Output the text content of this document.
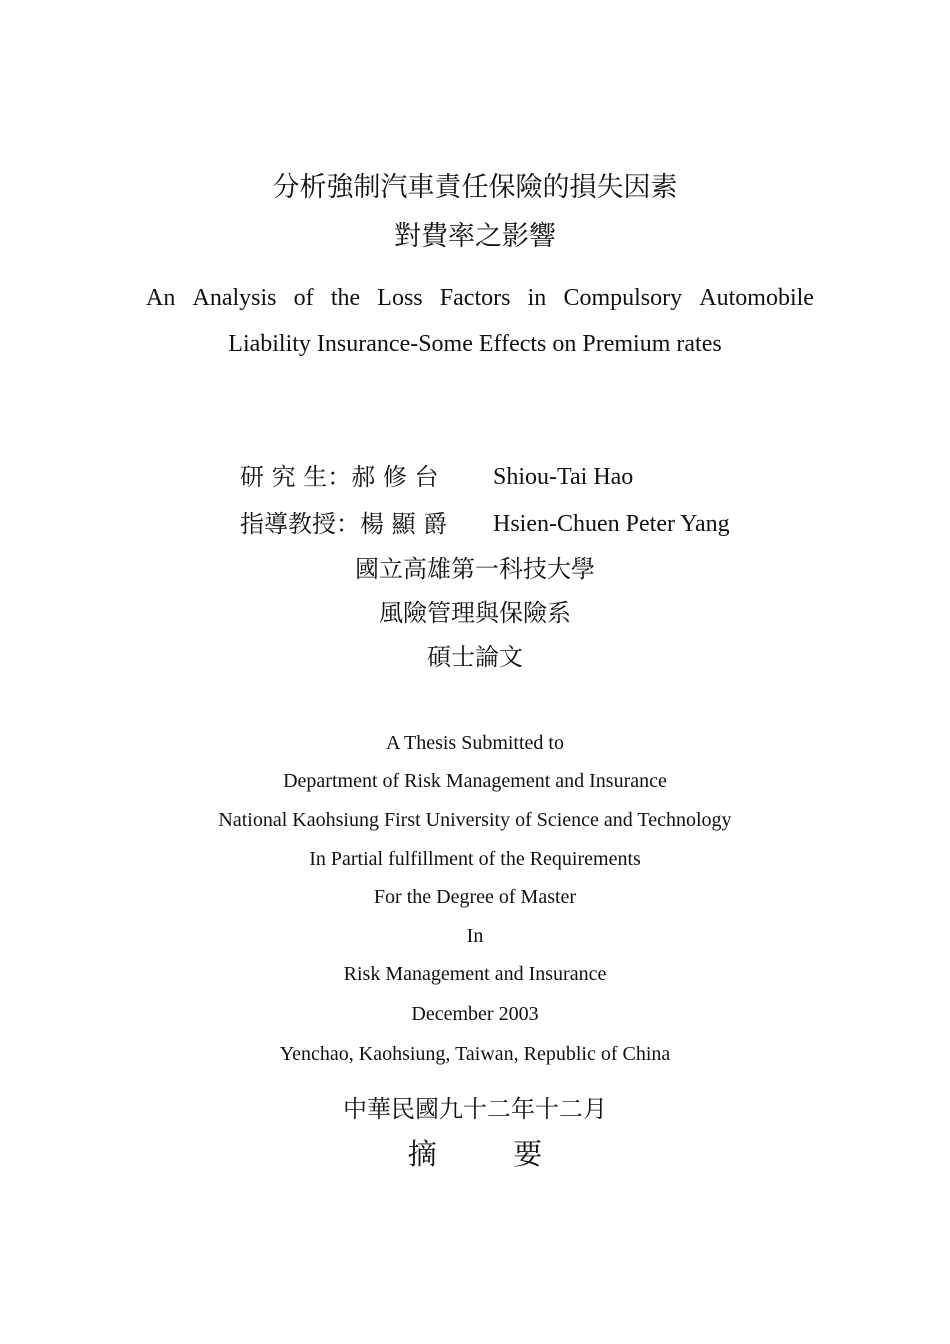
分析強制汽車責任保險的損失因素
對費率之影響
An Analysis of the Loss Factors in Compulsory Automobile
Liability Insurance-Some Effects on Premium rates
研 究 生：郝 修 台 Shiou-Tai Hao
指導教授：楊 顯 爵 Hsien-Chuen Peter Yang
國立高雄第一科技大學
風險管理與保險系
碩士論文
A Thesis Submitted to
Department of Risk Management and Insurance
National Kaohsiung First University of Science and Technology
In Partial fulfillment of the Requirements
For the Degree of Master
In
Risk Management and Insurance
December 2003
Yenchao, Kaohsiung, Taiwan, Republic of China
中華民國九十二年十二月
摘	要
